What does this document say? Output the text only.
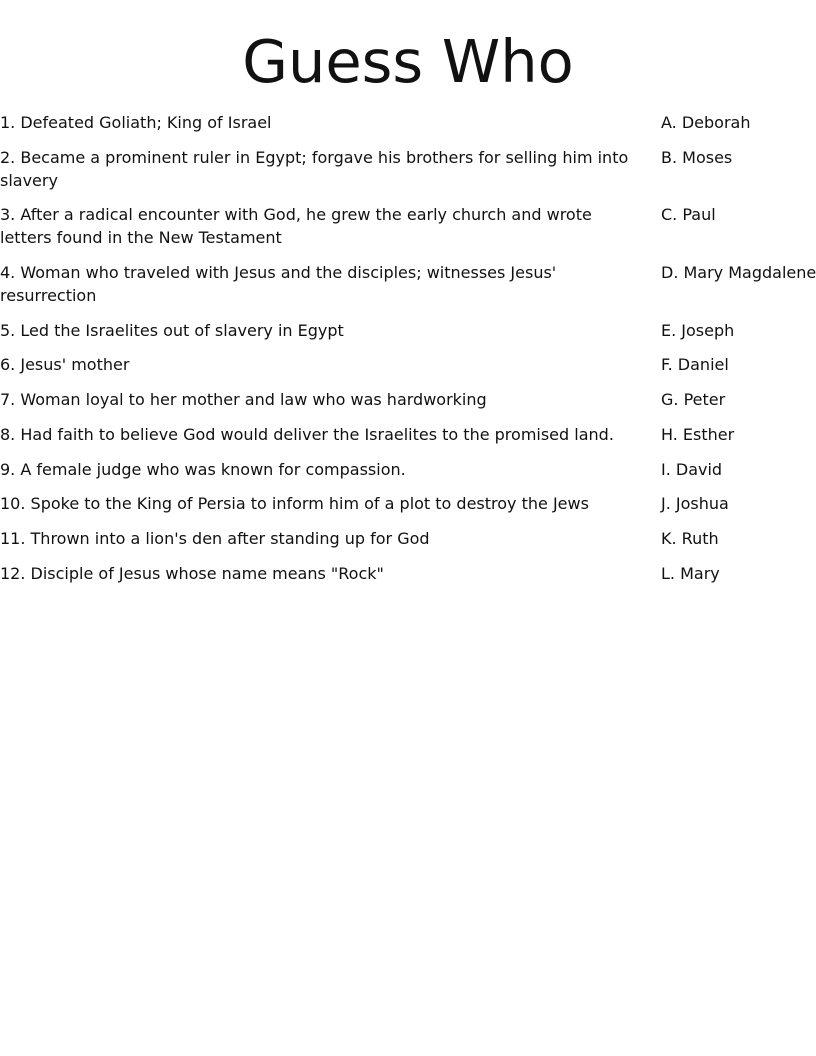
Guess Who
1. Defeated Goliath; King of Israel	A. Deborah
2. Became a prominent ruler in Egypt; forgave his brothers for selling him into slavery
B. Moses
3. After a radical encounter with God, he grew the early church and wrote letters found in the New Testament
C. Paul
4. Woman who traveled with Jesus and the disciples; witnesses Jesus' resurrection
D. Mary Magdalene
5. Led the Israelites out of slavery in Egypt	E. Joseph
6. Jesus' mother	F. Daniel
7. Woman loyal to her mother and law who was hardworking	G. Peter
8. Had faith to believe God would deliver the Israelites to the promised land.	H. Esther
9. A female judge who was known for compassion.	I. David
10. Spoke to the King of Persia to inform him of a plot to destroy the Jews	J. Joshua
11. Thrown into a lion's den after standing up for God	K. Ruth
12. Disciple of Jesus whose name means "Rock"	L. Mary
